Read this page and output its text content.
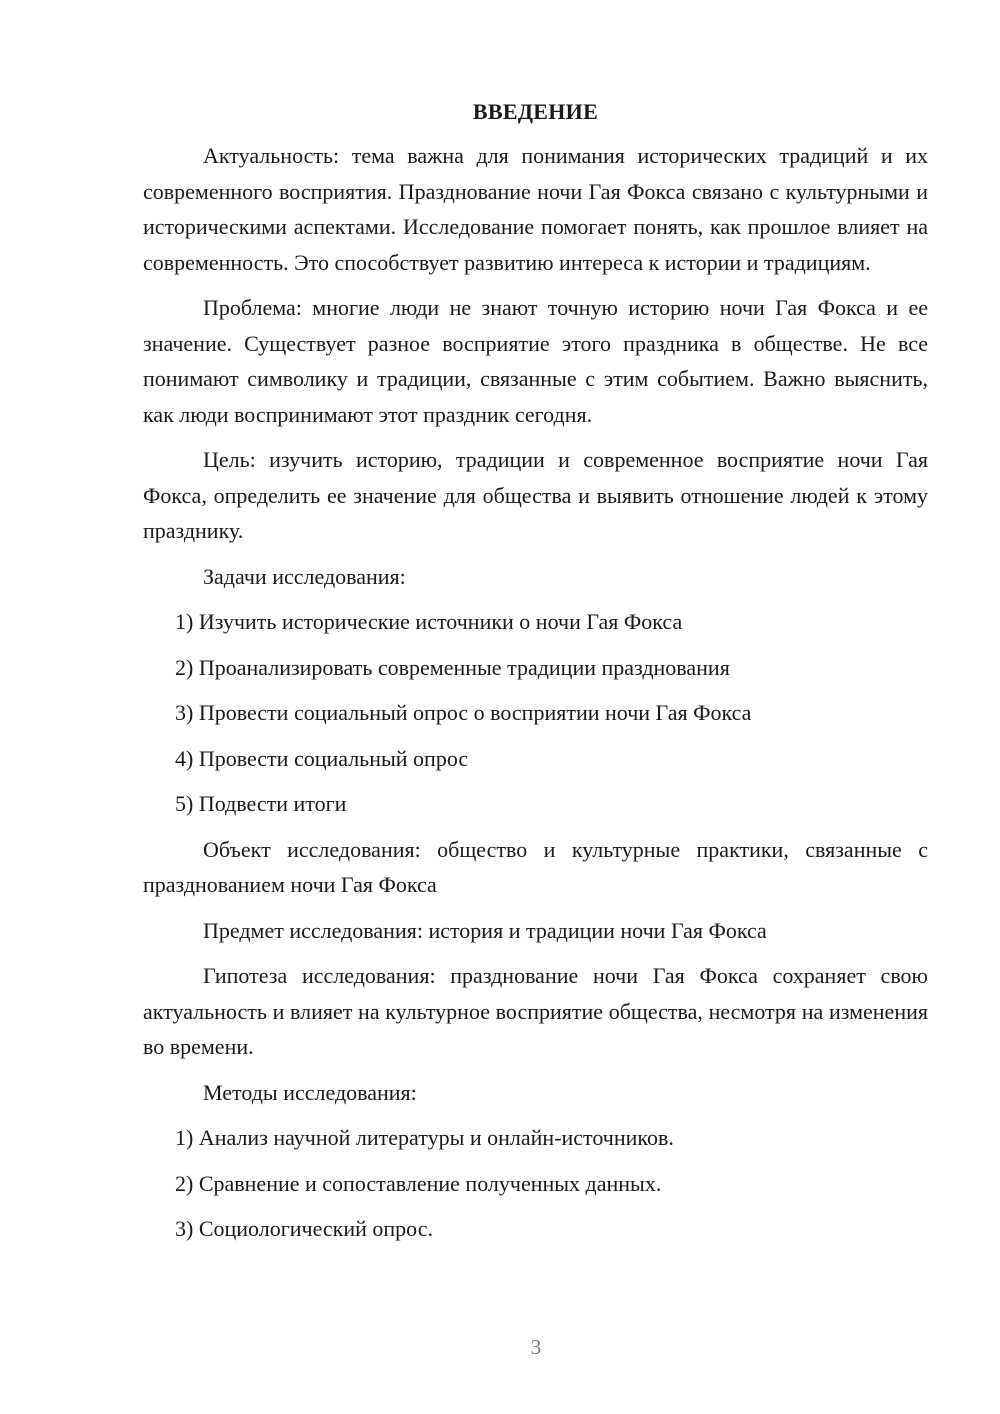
ВВЕДЕНИЕ
Актуальность: тема важна для понимания исторических традиций и их современного восприятия. Празднование ночи Гая Фокса связано с культурными и историческими аспектами. Исследование помогает понять, как прошлое влияет на современность. Это способствует развитию интереса к истории и традициям.
Проблема: многие люди не знают точную историю ночи Гая Фокса и ее значение. Существует разное восприятие этого праздника в обществе. Не все понимают символику и традиции, связанные с этим событием. Важно выяснить, как люди воспринимают этот праздник сегодня.
Цель: изучить историю, традиции и современное восприятие ночи Гая Фокса, определить ее значение для общества и выявить отношение людей к этому празднику.
Задачи исследования:
1) Изучить исторические источники о ночи Гая Фокса
2) Проанализировать современные традиции празднования
3) Провести социальный опрос о восприятии ночи Гая Фокса
4) Провести социальный опрос
5) Подвести итоги
Объект исследования: общество и культурные практики, связанные с празднованием ночи Гая Фокса
Предмет исследования: история и традиции ночи Гая Фокса
Гипотеза исследования: празднование ночи Гая Фокса сохраняет свою актуальность и влияет на культурное восприятие общества, несмотря на изменения во времени.
Методы исследования:
1) Анализ научной литературы и онлайн-источников.
2) Сравнение и сопоставление полученных данных.
3) Социологический опрос.
3
